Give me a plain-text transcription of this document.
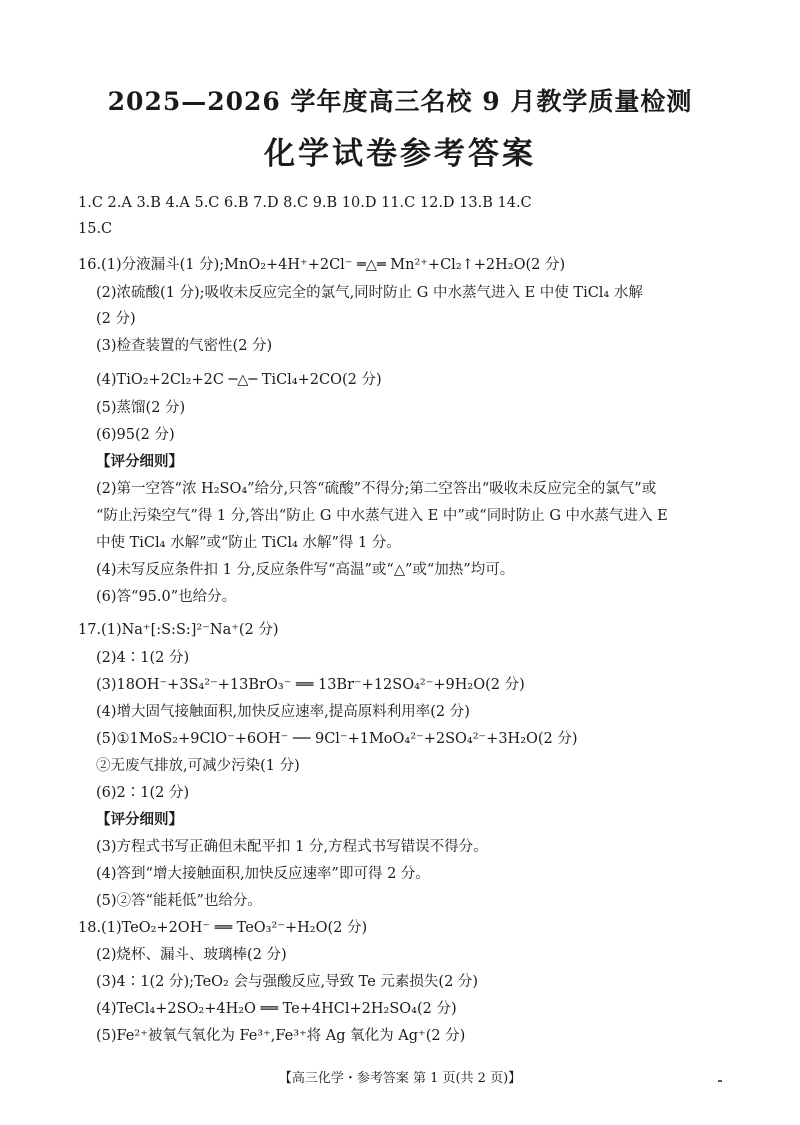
2025—2026 学年度高三名校 9 月教学质量检测
化学试卷参考答案
1.C 2.A 3.B 4.A 5.C 6.B 7.D 8.C 9.B 10.D 11.C 12.D 13.B 14.C
15.C
16.(1)分液漏斗(1 分);MnO₂+4H⁺+2Cl⁻ ═△═ Mn²⁺+Cl₂↑+2H₂O(2 分)
(2)浓硫酸(1 分);吸收未反应完全的氯气,同时防止 G 中水蒸气进入 E 中使 TiCl₄ 水解
(2 分)
(3)检查装置的气密性(2 分)
(4)TiO₂+2Cl₂+2C ─△─ TiCl₄+2CO(2 分)
(5)蒸馏(2 分)
(6)95(2 分)
【评分细则】
(2)第一空答“浓 H₂SO₄”给分,只答“硫酸”不得分;第二空答出“吸收未反应完全的氯气”或
“防止污染空气”得 1 分,答出“防止 G 中水蒸气进入 E 中”或“同时防止 G 中水蒸气进入 E
中使 TiCl₄ 水解”或“防止 TiCl₄ 水解”得 1 分。
(4)未写反应条件扣 1 分,反应条件写“高温”或“△”或“加热”均可。
(6)答“95.0”也给分。
17.(1)Na⁺[:S:S:]²⁻Na⁺(2 分)
(2)4∶1(2 分)
(3)18OH⁻+3S₄²⁻+13BrO₃⁻ ══ 13Br⁻+12SO₄²⁻+9H₂O(2 分)
(4)增大固气接触面积,加快反应速率,提高原料利用率(2 分)
(5)①1MoS₂+9ClO⁻+6OH⁻ ── 9Cl⁻+1MoO₄²⁻+2SO₄²⁻+3H₂O(2 分)
②无废气排放,可减少污染(1 分)
(6)2∶1(2 分)
【评分细则】
(3)方程式书写正确但未配平扣 1 分,方程式书写错误不得分。
(4)答到“增大接触面积,加快反应速率”即可得 2 分。
(5)②答“能耗低”也给分。
18.(1)TeO₂+2OH⁻ ══ TeO₃²⁻+H₂O(2 分)
(2)烧杯、漏斗、玻璃棒(2 分)
(3)4∶1(2 分);TeO₂ 会与强酸反应,导致 Te 元素损失(2 分)
(4)TeCl₄+2SO₂+4H₂O ══ Te+4HCl+2H₂SO₄(2 分)
(5)Fe²⁺被氧气氧化为 Fe³⁺,Fe³⁺将 Ag 氧化为 Ag⁺(2 分)
【高三化学・参考答案 第 1 页(共 2 页)】
